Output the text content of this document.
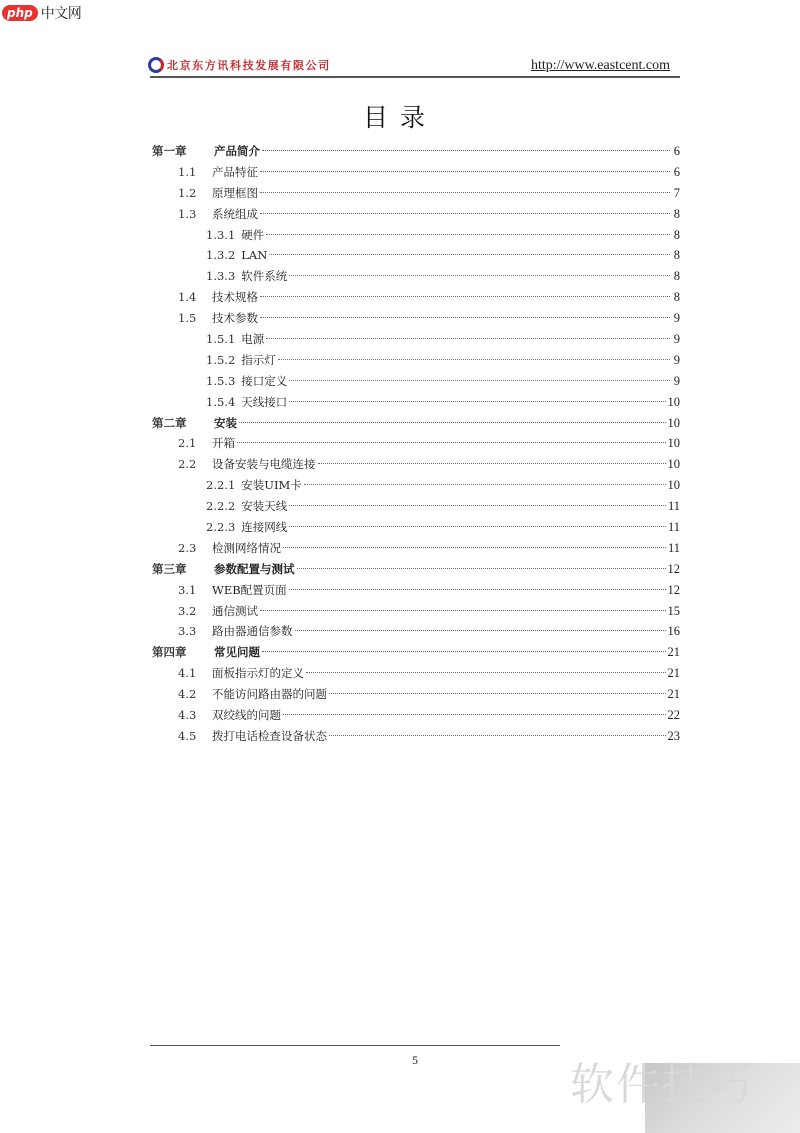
php 中文网
北京东方讯科技发展有限公司	http://www.eastcent.com
目录
第一章	产品简介	6
1.1	产品特征	6
1.2	原理框图	7
1.3	系统组成	8
1.3.1 硬件	8
1.3.2 LAN	8
1.3.3 软件系统	8
1.4	技术规格	8
1.5	技术参数	9
1.5.1 电源	9
1.5.2 指示灯	9
1.5.3 接口定义	9
1.5.4 天线接口	10
第二章	安装	10
2.1	开箱	10
2.2	设备安装与电缆连接	10
2.2.1 安装UIM卡	10
2.2.2 安装天线	11
2.2.3 连接网线	11
2.3	检测网络情况	11
第三章	参数配置与测试	12
3.1	WEB配置页面	12
3.2	通信测试	15
3.3	路由器通信参数	16
第四章	常见问题	21
4.1	面板指示灯的定义	21
4.2	不能访问路由器的问题	21
4.3	双绞线的问题	22
4.5	拨打电话检查设备状态	23
5	软件技巧
